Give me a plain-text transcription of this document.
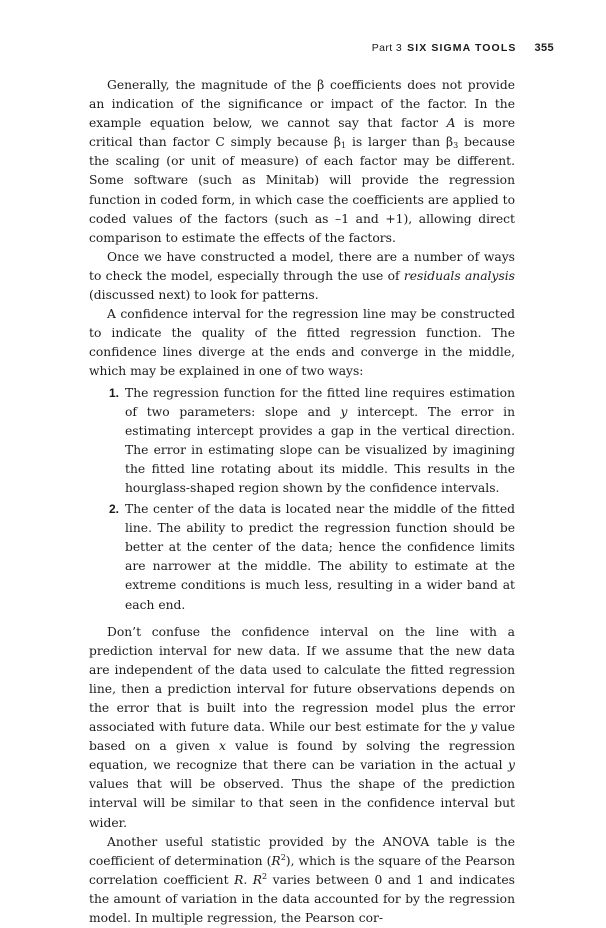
Part 3 SIX SIGMA TOOLS 355

Generally, the magnitude of the β coefficients does not provide an indication of the significance or impact of the factor. In the example equation below, we cannot say that factor A is more critical than factor C simply because $\beta_1$ is larger than $\beta_3$ because the scaling (or unit of measure) of each factor may be different. Some software (such as Minitab) will provide the regression function in coded form, in which case the coefficients are applied to coded values of the factors (such as –1 and +1), allowing direct comparison to estimate the effects of the factors.

Once we have constructed a model, there are a number of ways to check the model, especially through the use of residuals analysis (discussed next) to look for patterns.

A confidence interval for the regression line may be constructed to indicate the quality of the fitted regression function. The confidence lines diverge at the ends and converge in the middle, which may be explained in one of two ways:

1. The regression function for the fitted line requires estimation of two parameters: slope and y intercept. The error in estimating intercept provides a gap in the vertical direction. The error in estimating slope can be visualized by imagining the fitted line rotating about its middle. This results in the hourglass-shaped region shown by the confidence intervals.
2. The center of the data is located near the middle of the fitted line. The ability to predict the regression function should be better at the center of the data; hence the confidence limits are narrower at the middle. The ability to estimate at the extreme conditions is much less, resulting in a wider band at each end.

Don’t confuse the confidence interval on the line with a prediction interval for new data. If we assume that the new data are independent of the data used to calculate the fitted regression line, then a prediction interval for future observations depends on the error that is built into the regression model plus the error associated with future data. While our best estimate for the y value based on a given x value is found by solving the regression equation, we recognize that there can be variation in the actual y values that will be observed. Thus the shape of the prediction interval will be similar to that seen in the confidence interval but wider.

Another useful statistic provided by the ANOVA table is the coefficient of determination $(R^2)$, which is the square of the Pearson correlation coefficient R. $R^2$ varies between 0 and 1 and indicates the amount of variation in the data accounted for by the regression model. In multiple regression, the Pearson cor-
